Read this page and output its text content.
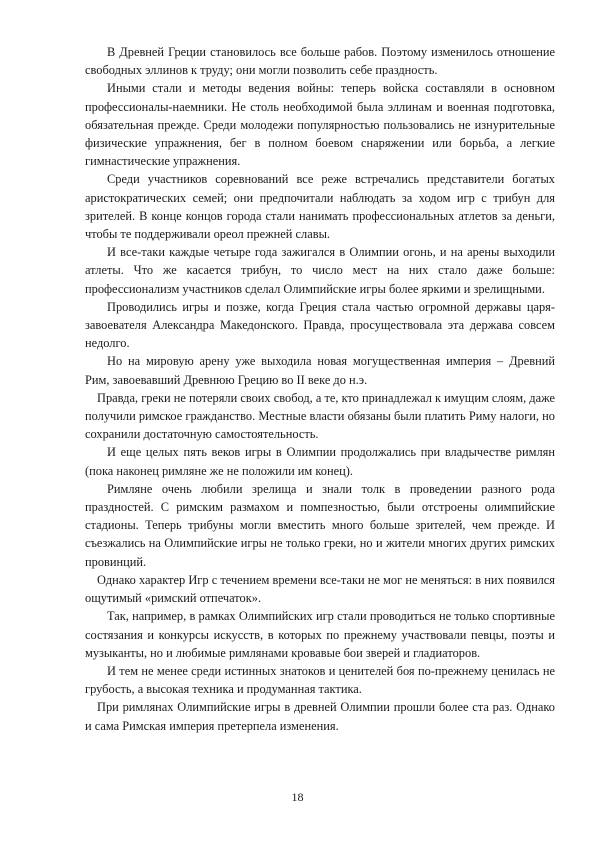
В Древней Греции становилось все больше рабов. Поэтому изменилось отношение свободных эллинов к труду; они могли позволить себе праздность.

Иными стали и методы ведения войны: теперь войска составляли в основном профессионалы-наемники. Не столь необходимой была эллинам и военная подготовка, обязательная прежде. Среди молодежи популярностью пользовались не изнурительные физические упражнения, бег в полном боевом снаряжении или борьба, а легкие гимнастические упражнения.

Среди участников соревнований все реже встречались представители богатых аристократических семей; они предпочитали наблюдать за ходом игр с трибун для зрителей. В конце концов города стали нанимать профессиональных атлетов за деньги, чтобы те поддерживали ореол прежней славы.

И все-таки каждые четыре года зажигался в Олимпии огонь, и на арены выходили атлеты. Что же касается трибун, то число мест на них стало даже больше: профессионализм участников сделал Олимпийские игры более яркими и зрелищными.

Проводились игры и позже, когда Греция стала частью огромной державы царя-завоевателя Александра Македонского. Правда, просуществовала эта держава совсем недолго.

Но на мировую арену уже выходила новая могущественная империя – Древний Рим, завоевавший Древнюю Грецию во II веке до н.э.

Правда, греки не потеряли своих свобод, а те, кто принадлежал к имущим слоям, даже получили римское гражданство. Местные власти обязаны были платить Риму налоги, но сохранили достаточную самостоятельность.

И еще целых пять веков игры в Олимпии продолжались при владычестве римлян (пока наконец римляне же не положили им конец).

Римляне очень любили зрелища и знали толк в проведении разного рода праздностей. С римским размахом и помпезностью, были отстроены олимпийские стадионы. Теперь трибуны могли вместить много больше зрителей, чем прежде. И съезжались на Олимпийские игры не только греки, но и жители многих других римских провинций.

Однако характер Игр с течением времени все-таки не мог не меняться: в них появился ощутимый «римский отпечаток».

Так, например, в рамках Олимпийских игр стали проводиться не только спортивные состязания и конкурсы искусств, в которых по прежнему участвовали певцы, поэты и музыканты, но и любимые римлянами кровавые бои зверей и гладиаторов.

И тем не менее среди истинных знатоков и ценителей боя по-прежнему ценилась не грубость, а высокая техника и продуманная тактика.

При римлянах Олимпийские игры в древней Олимпии прошли более ста раз. Однако и сама Римская империя претерпела изменения.

18
